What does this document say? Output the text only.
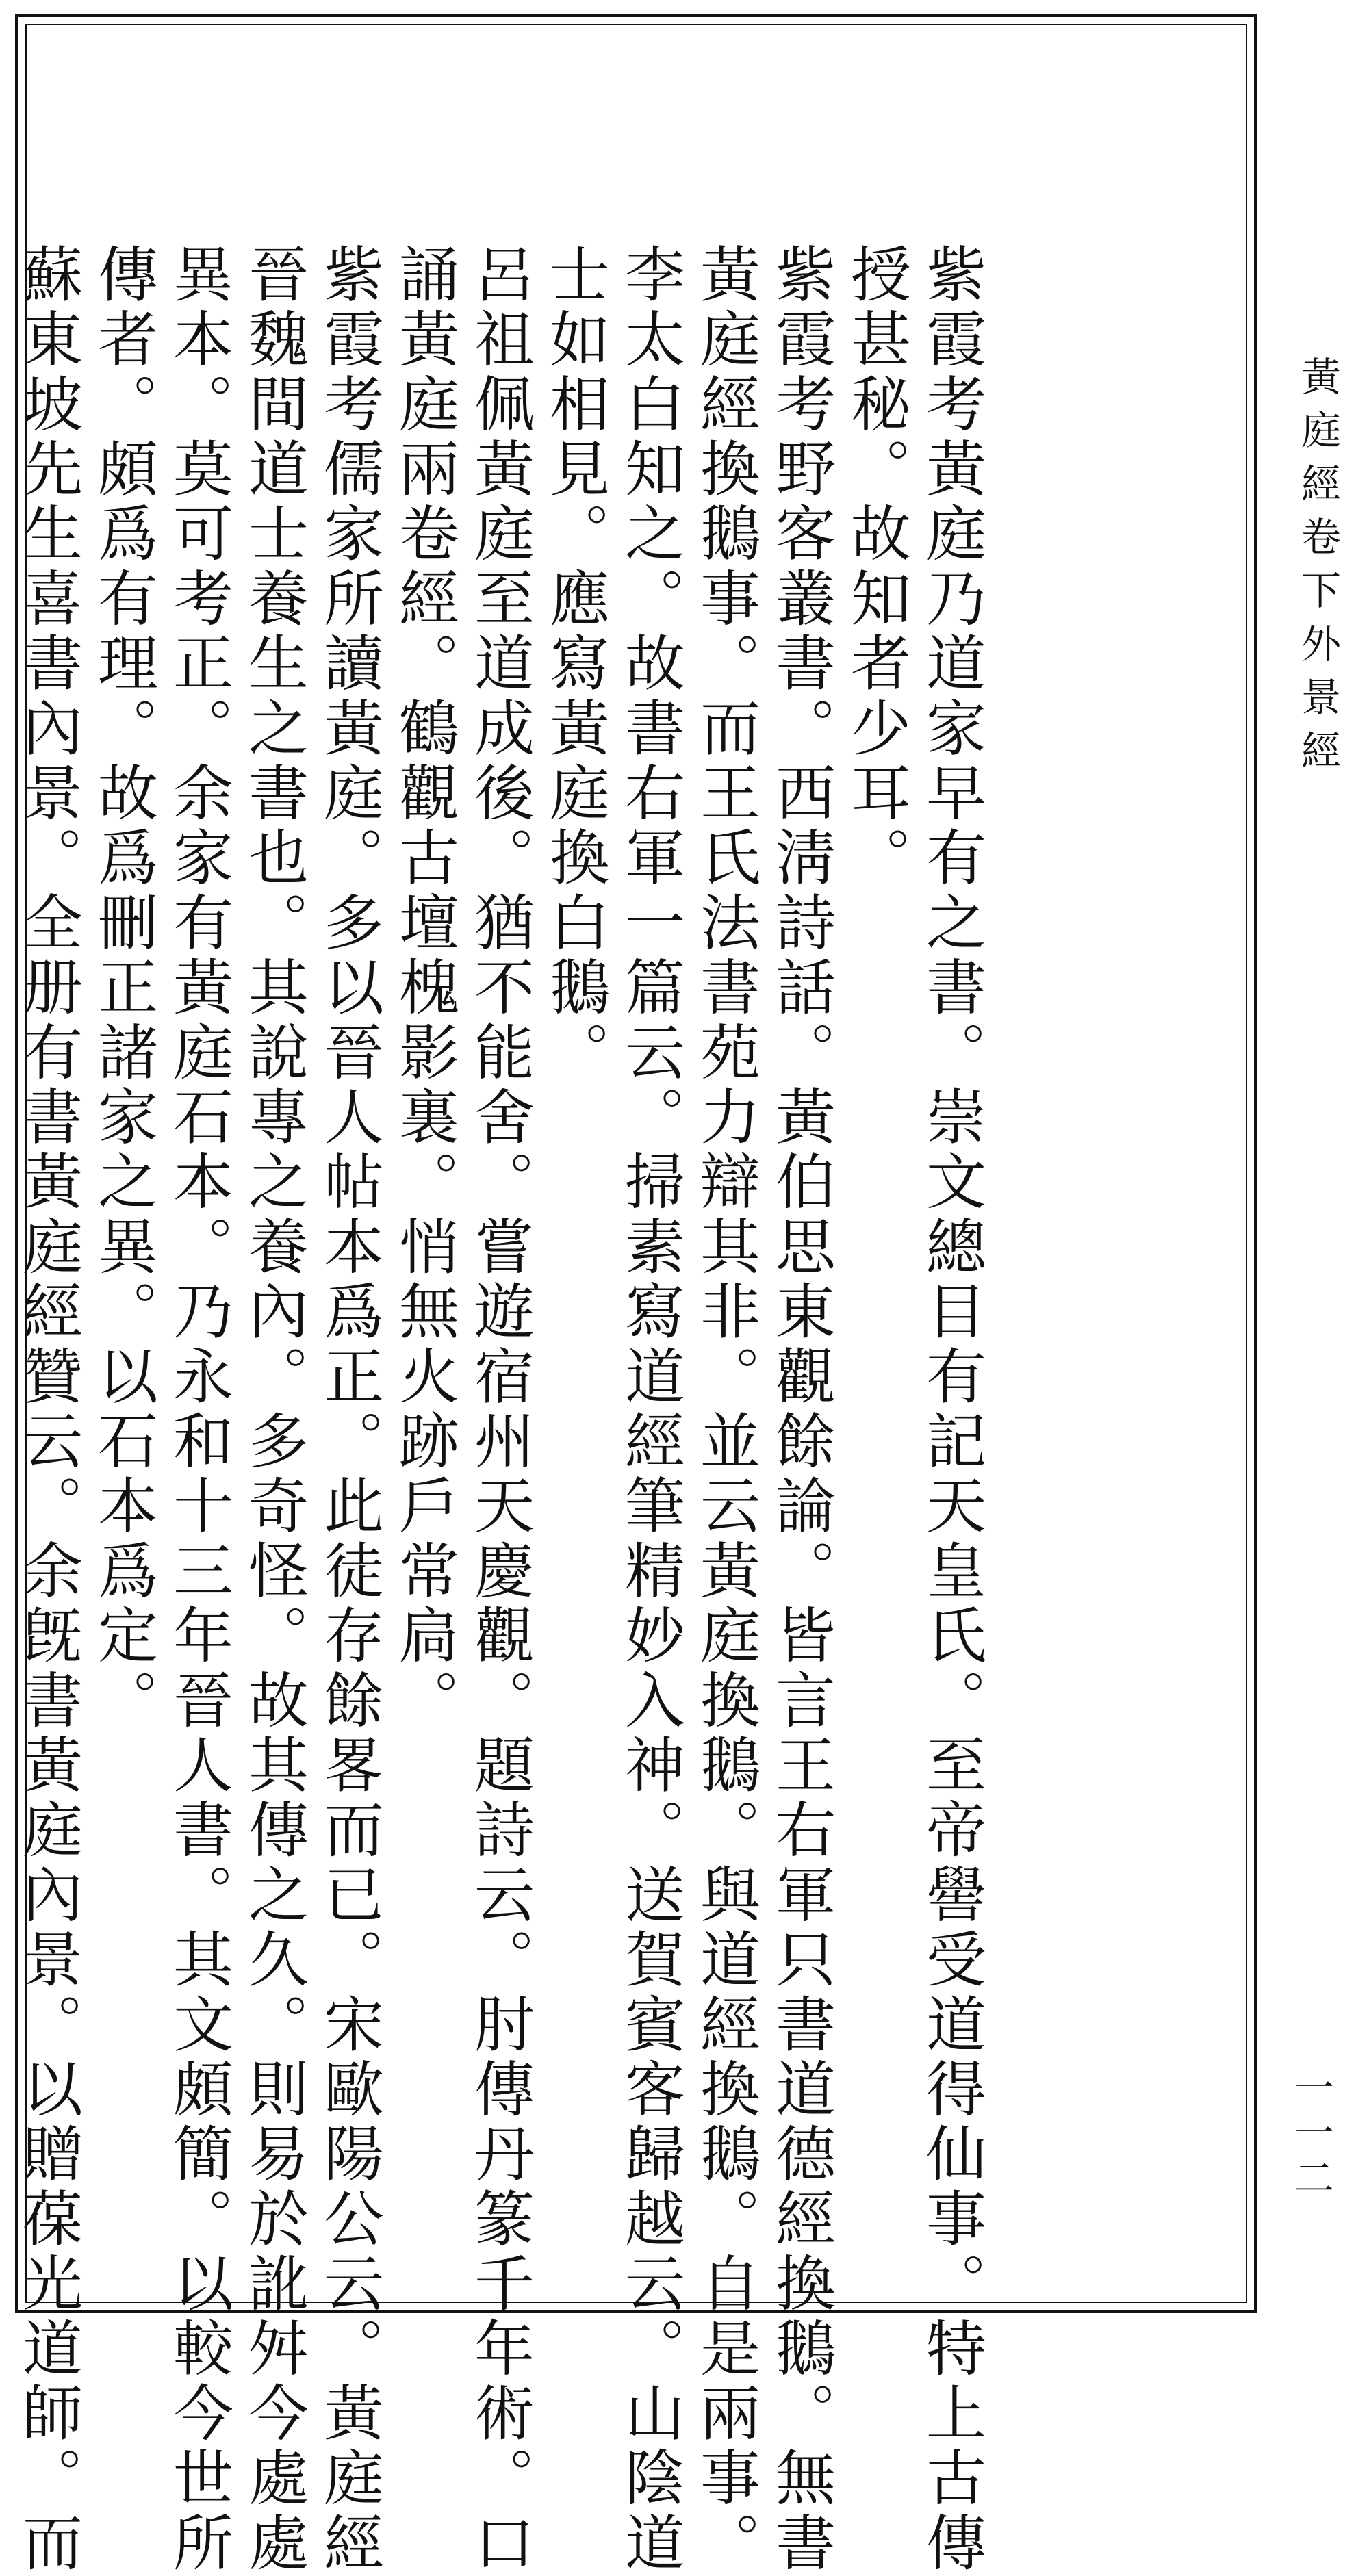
紫霞考黃庭乃道家早有之書。崇文總目有記天皇氏。至帝嚳受道得仙事。特上古傳
授甚秘。故知者少耳。
紫霞考野客叢書。西淸詩話。黃伯思東觀餘論。皆言王右軍只書道德經換鵝。無書
黃庭經換鵝事。而王氏法書苑力辯其非。並云黃庭換鵝。與道經換鵝。自是兩事。
李太白知之。故書右軍一篇云。掃素寫道經筆精妙入神。送賀賓客歸越云。山陰道
士如相見。應寫黃庭換白鵝。
呂祖佩黃庭至道成後。猶不能舍。嘗遊宿州天慶觀。題詩云。肘傳丹篆千年術。口
誦黃庭兩卷經。鶴觀古壇槐影裏。悄無火跡戶常扃。
紫霞考儒家所讀黃庭。多以晉人帖本爲正。此徒存餘畧而已。宋歐陽公云。黃庭經
晉魏間道士養生之書也。其說專之養內。多奇怪。故其傳之久。則易於訛舛今處處
異本。莫可考正。余家有黃庭石本。乃永和十三年晉人書。其文頗簡。以較今世所
傳者。頗爲有理。故爲刪正諸家之異。以石本爲定。
蘇東坡先生喜書內景。全册有書黃庭經贊云。余旣書黃庭內景。以贈葆光道師。而	黃庭經卷下外景經
一一二
